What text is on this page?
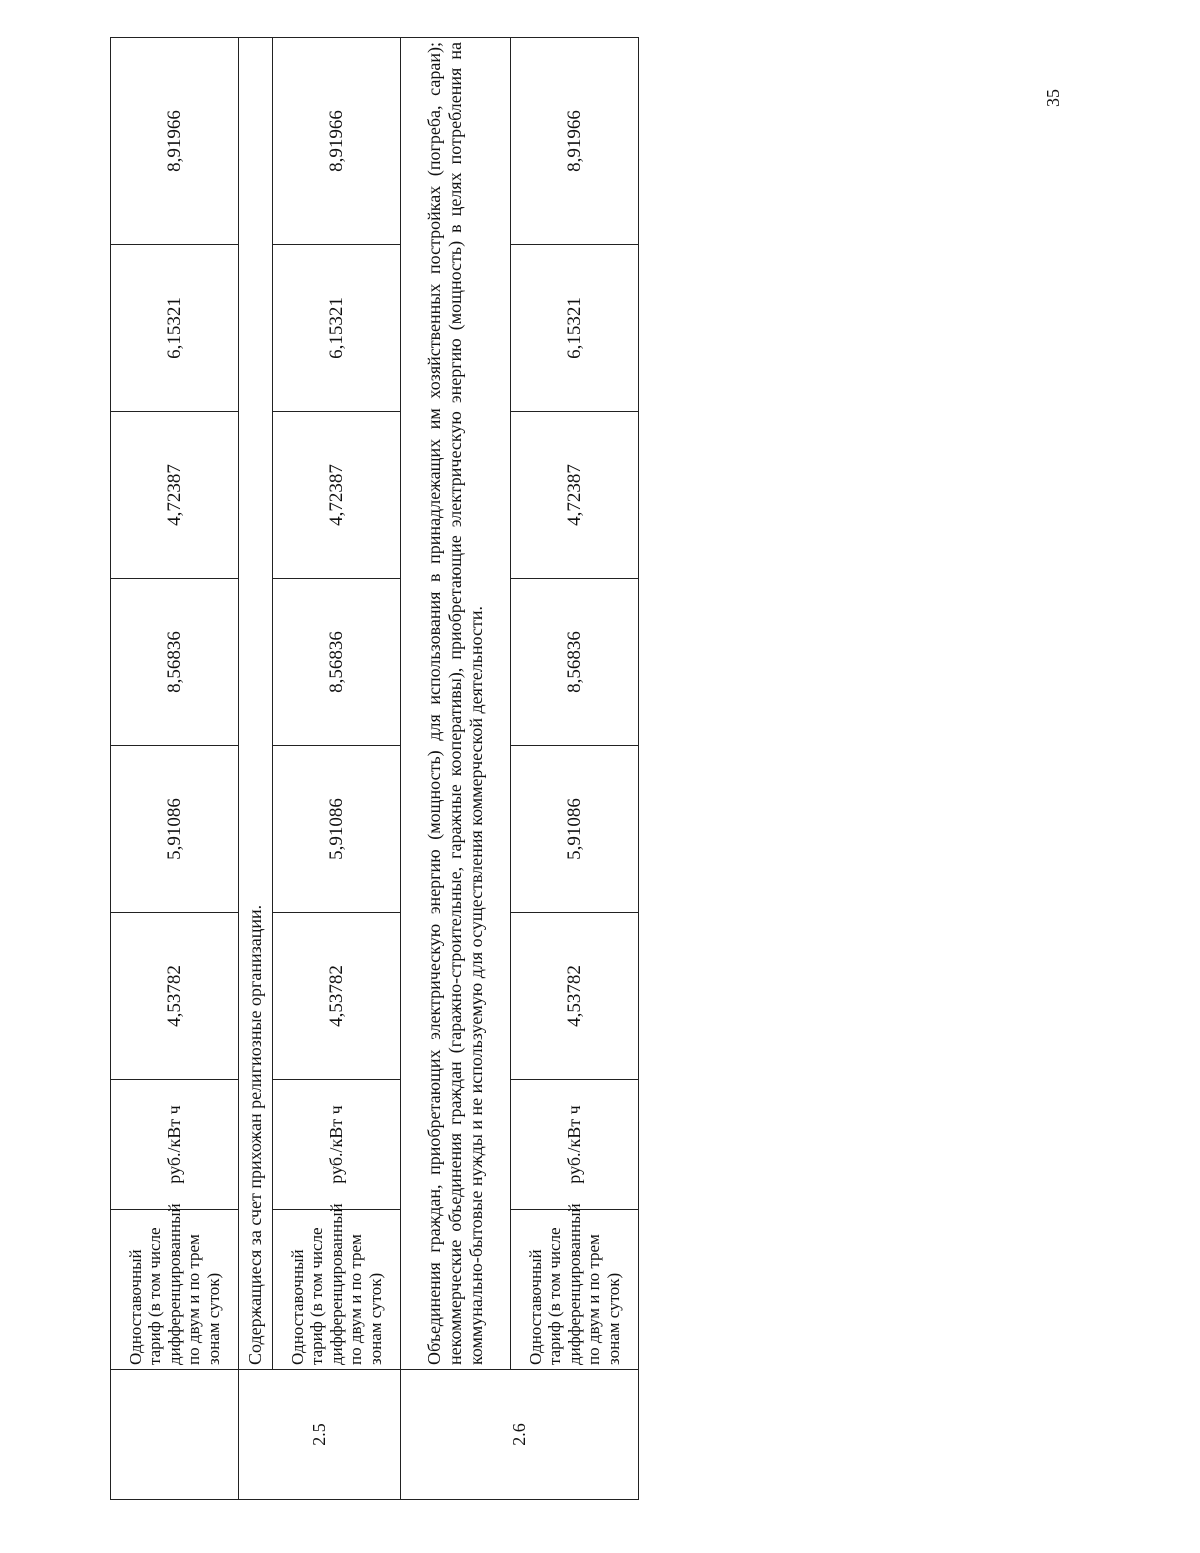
35
	Одноставочный тариф (в том числе дифференцированный по двум и по трем зонам суток)	руб./кВт ч	4,53782	5,91086	8,56836	4,72387	6,15321	8,91966
2.5	Содержащиеся за счет прихожан религиозные организации.							
	Одноставочный тариф (в том числе дифференцированный по двум и по трем зонам суток)	руб./кВт ч	4,53782	5,91086	8,56836	4,72387	6,15321	8,91966
2.6	Объединения граждан, приобретающих электрическую энергию (мощность) для использования в принадлежащих им хозяйственных постройках (погреба, сараи); некоммерческие объединения граждан (гаражно-строительные, гаражные кооперативы), приобретающие электрическую энергию (мощность) в целях потребления на коммунально-бытовые нужды и не используемую для осуществления коммерческой деятельности.							
	Одноставочный тариф (в том числе дифференцированный по двум и по трем зонам суток)	руб./кВт ч	4,53782	5,91086	8,56836	4,72387	6,15321	8,91966
